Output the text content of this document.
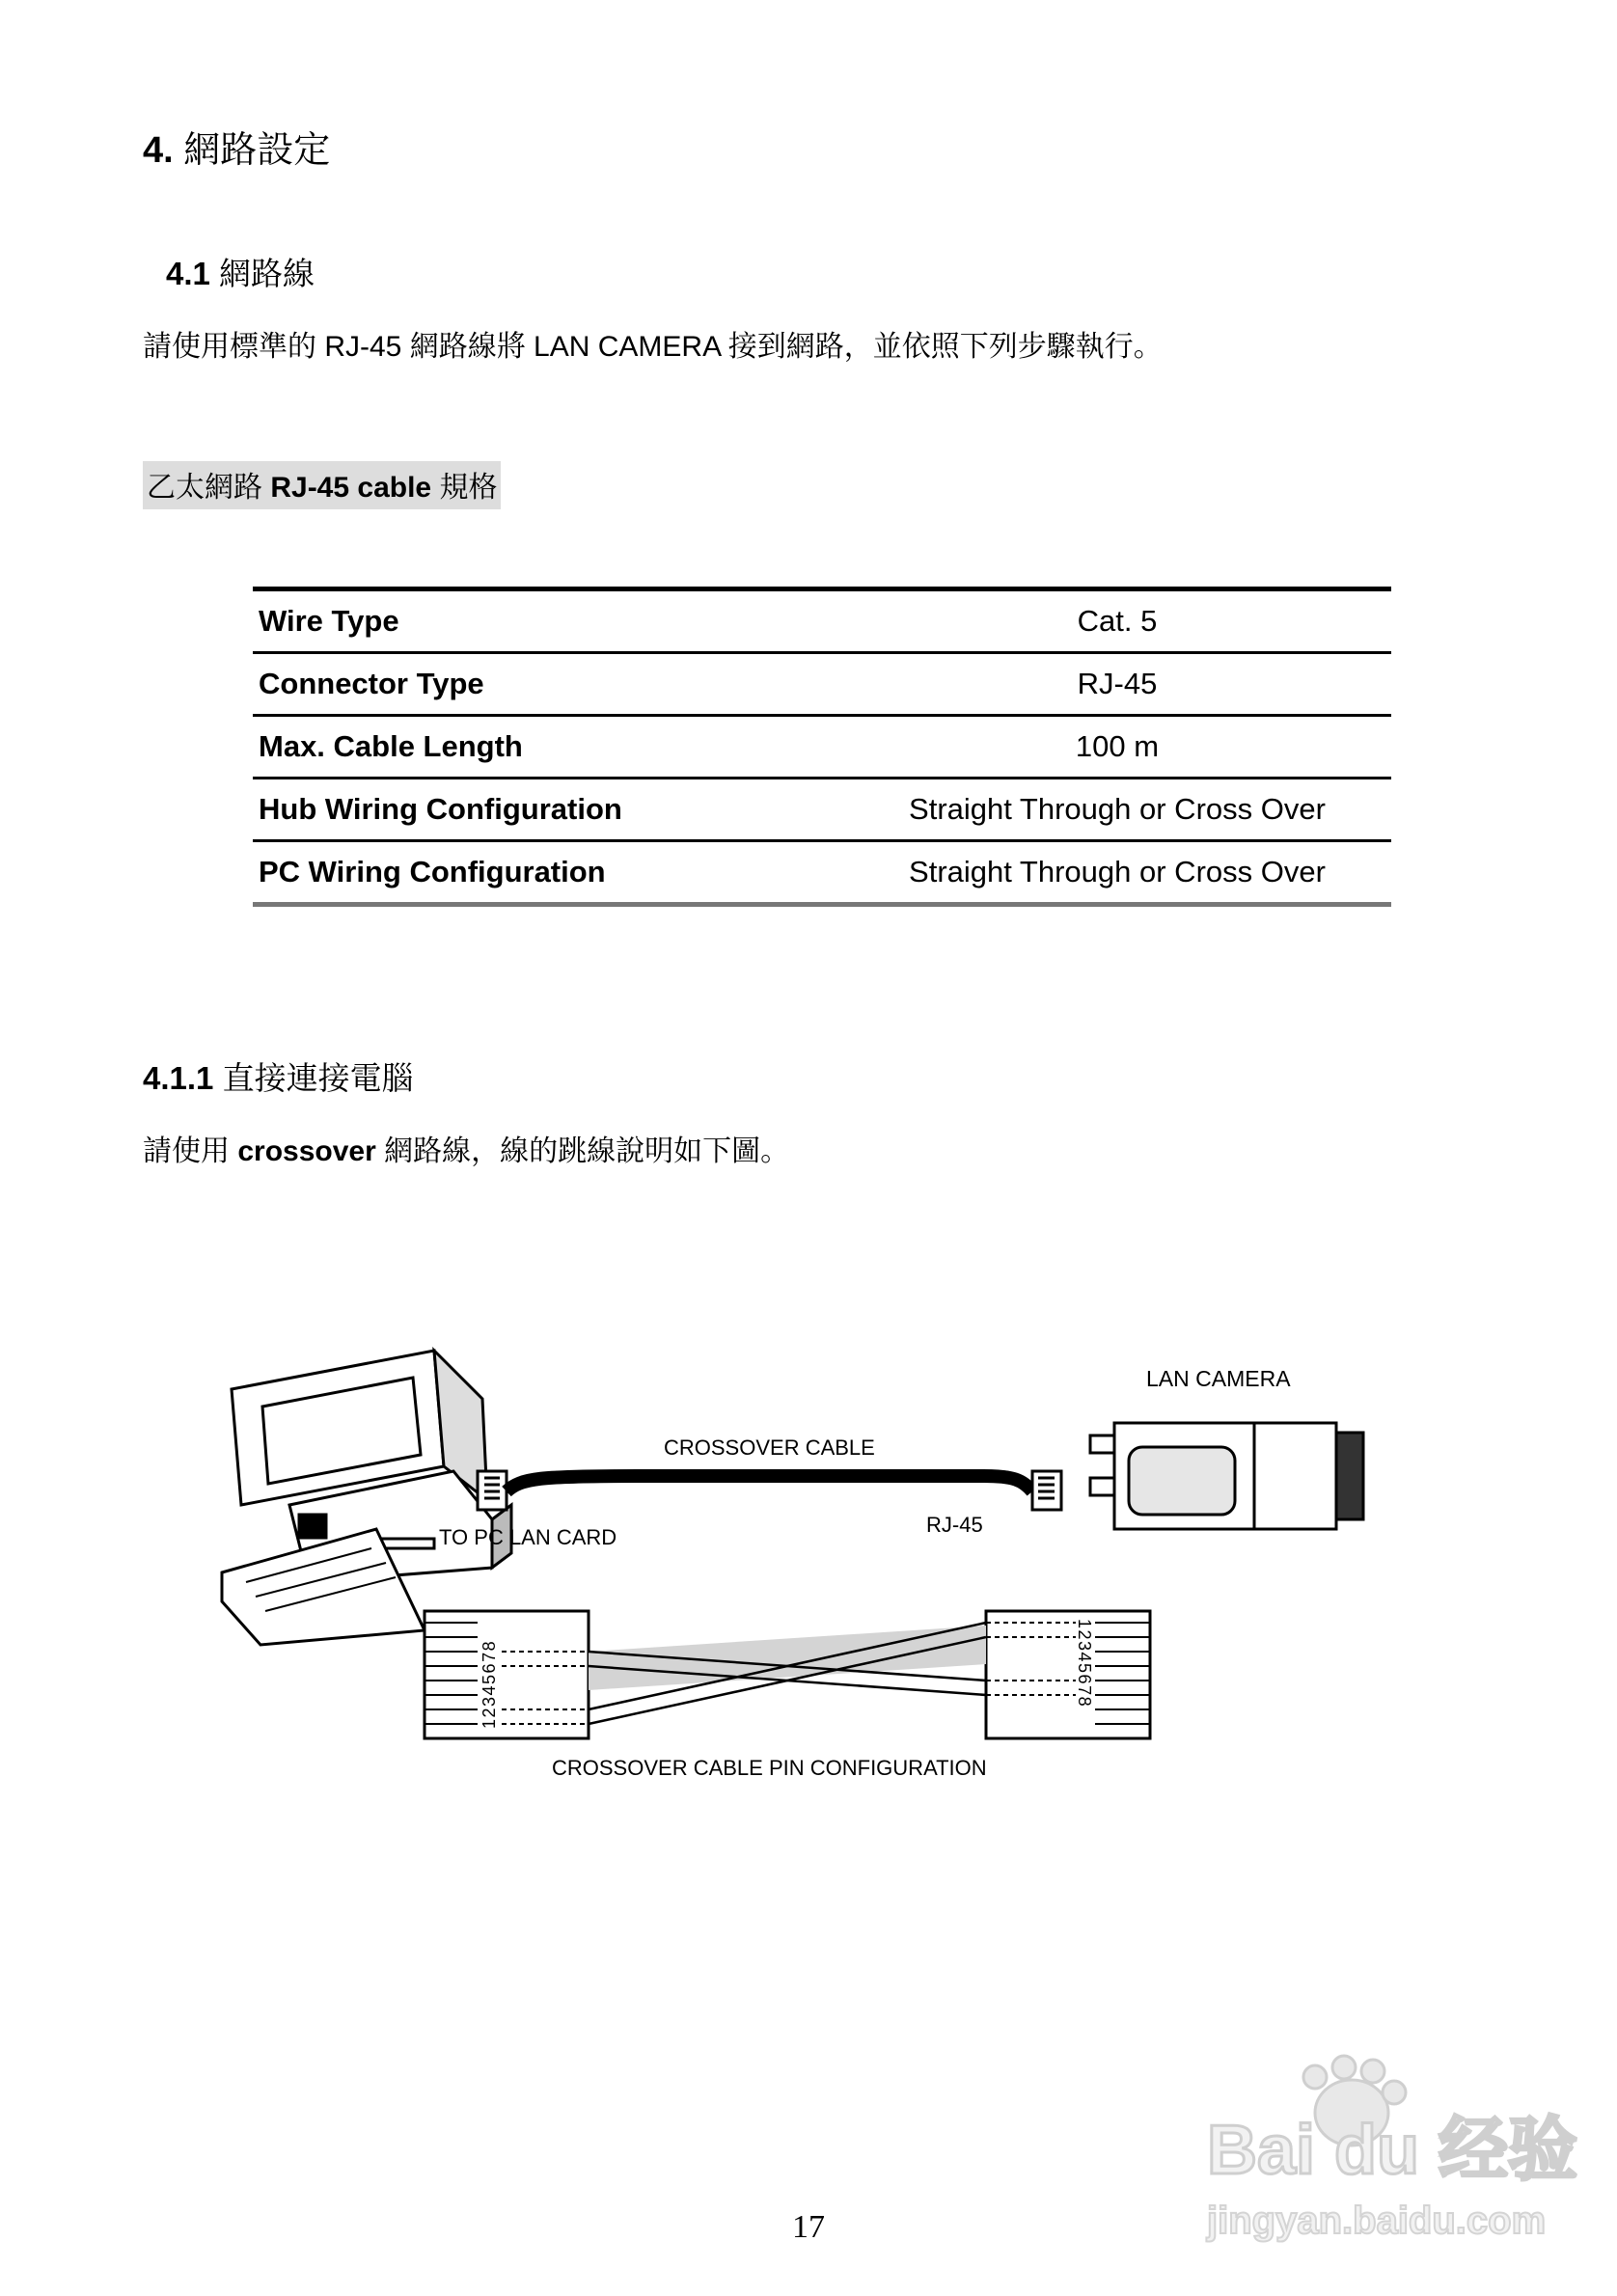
4. 網路設定
4.1 網路線
請使用標準的 RJ-45 網路線將 LAN CAMERA 接到網路，並依照下列步驟執行。
乙太網路 RJ-45 cable 規格
Wire Type	Cat. 5
Connector Type	RJ-45
Max. Cable Length	100 m
Hub Wiring Configuration	Straight Through or Cross Over
PC Wiring Configuration	Straight Through or Cross Over
4.1.1 直接連接電腦
請使用 crossover 網路線，線的跳線說明如下圖。
LAN CAMERA
CROSSOVER CABLE
RJ-45
TO PC LAN CARD
12345678	12345678
CROSSOVER CABLE PIN CONFIGURATION
17
Bai du 经验
jingyan.baidu.com
